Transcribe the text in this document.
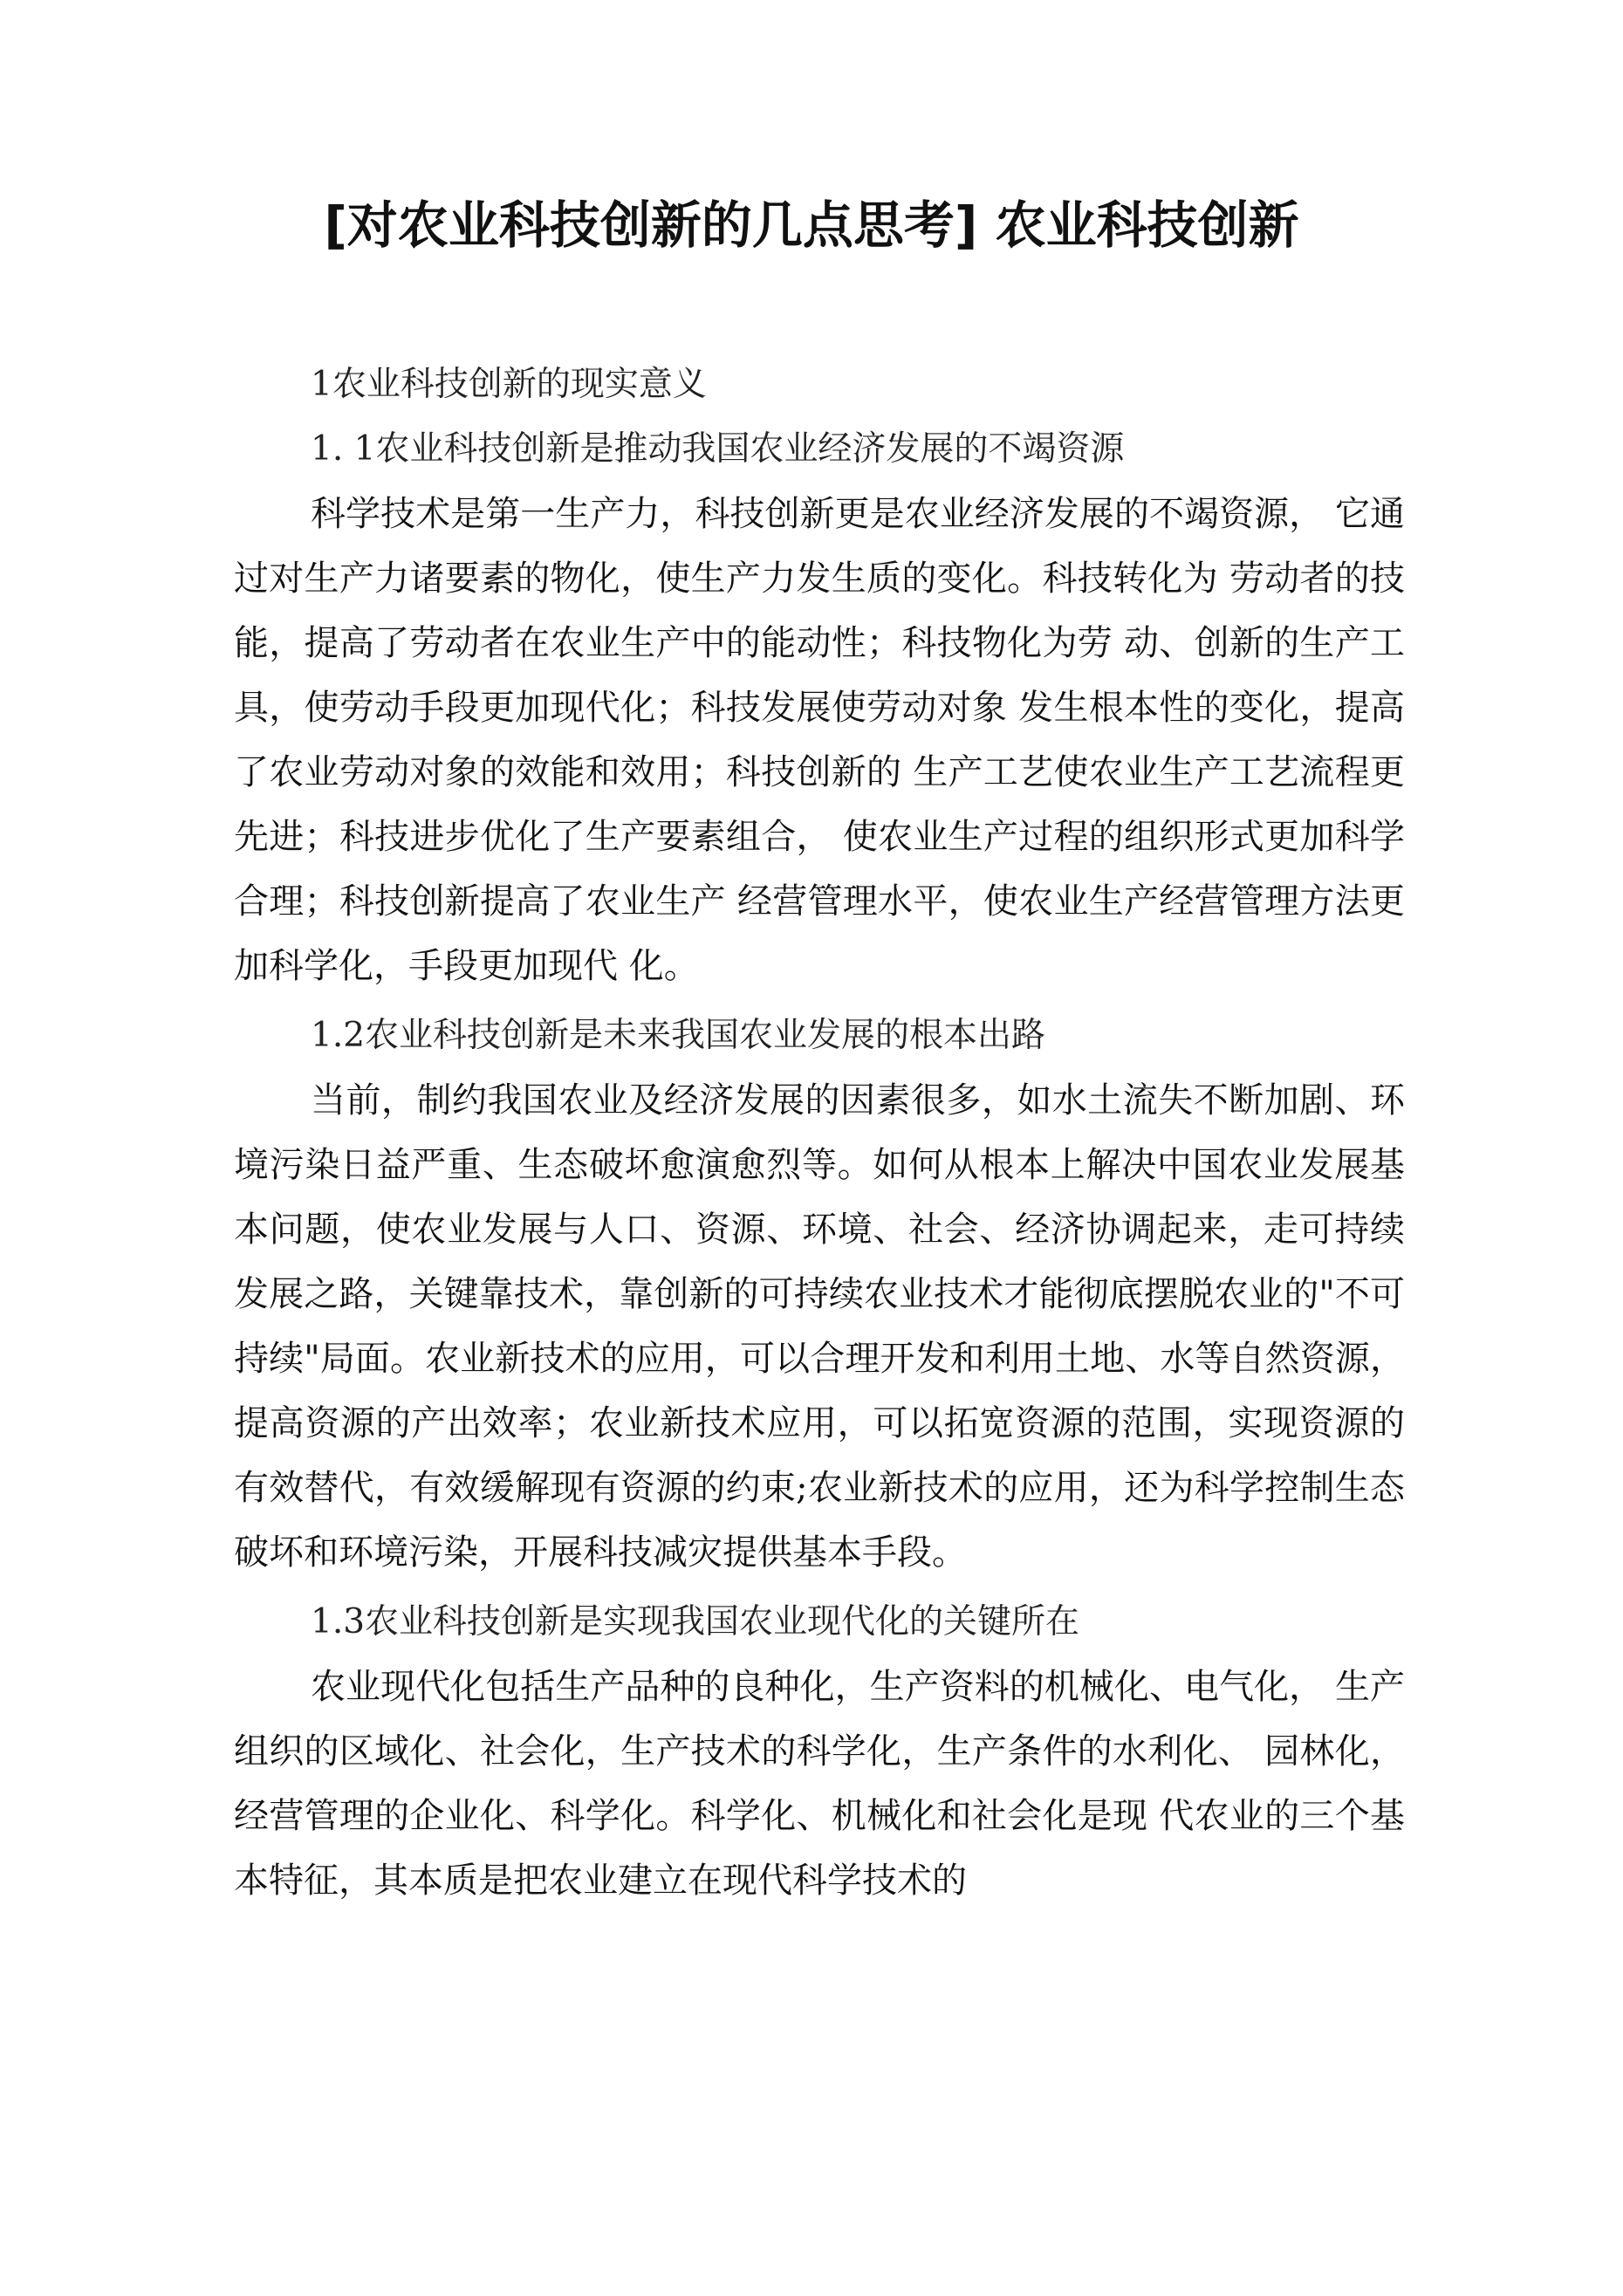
[对农业科技创新的几点思考] 农业科技创新

1农业科技创新的现实意义

1. 1农业科技创新是推动我国农业经济发展的不竭资源

科学技术是第一生产力，科技创新更是农业经济发展的不竭资源， 它通过对生产力诸要素的物化，使生产力发生质的变化。科技转化为 劳动者的技能，提高了劳动者在农业生产中的能动性；科技物化为劳 动、创新的生产工具，使劳动手段更加现代化；科技发展使劳动对象 发生根本性的变化，提高了农业劳动对象的效能和效用；科技创新的 生产工艺使农业生产工艺流程更先进；科技进步优化了生产要素组合， 使农业生产过程的组织形式更加科学合理；科技创新提高了农业生产 经营管理水平，使农业生产经营管理方法更加科学化，手段更加现代 化。

1.2农业科技创新是未来我国农业发展的根本出路

当前，制约我国农业及经济发展的因素很多，如水土流失不断加剧、环境污染日益严重、生态破坏愈演愈烈等。如何从根本上解决中国农业发展基本问题，使农业发展与人口、资源、环境、社会、经济协调起来，走可持续发展之路，关键靠技术，靠创新的可持续农业技术才能彻底摆脱农业的"不可持续"局面。农业新技术的应用，可以合理开发和利用土地、水等自然资源，提高资源的产出效率；农业新技术应用，可以拓宽资源的范围，实现资源的有效替代，有效缓解现有资源的约束;农业新技术的应用，还为科学控制生态破坏和环境污染，开展科技减灾提供基本手段。

1.3农业科技创新是实现我国农业现代化的关键所在

农业现代化包括生产品种的良种化，生产资料的机械化、电气化， 生产组织的区域化、社会化，生产技术的科学化，生产条件的水利化、 园林化，经营管理的企业化、科学化。科学化、机械化和社会化是现 代农业的三个基本特征，其本质是把农业建立在现代科学技术的
